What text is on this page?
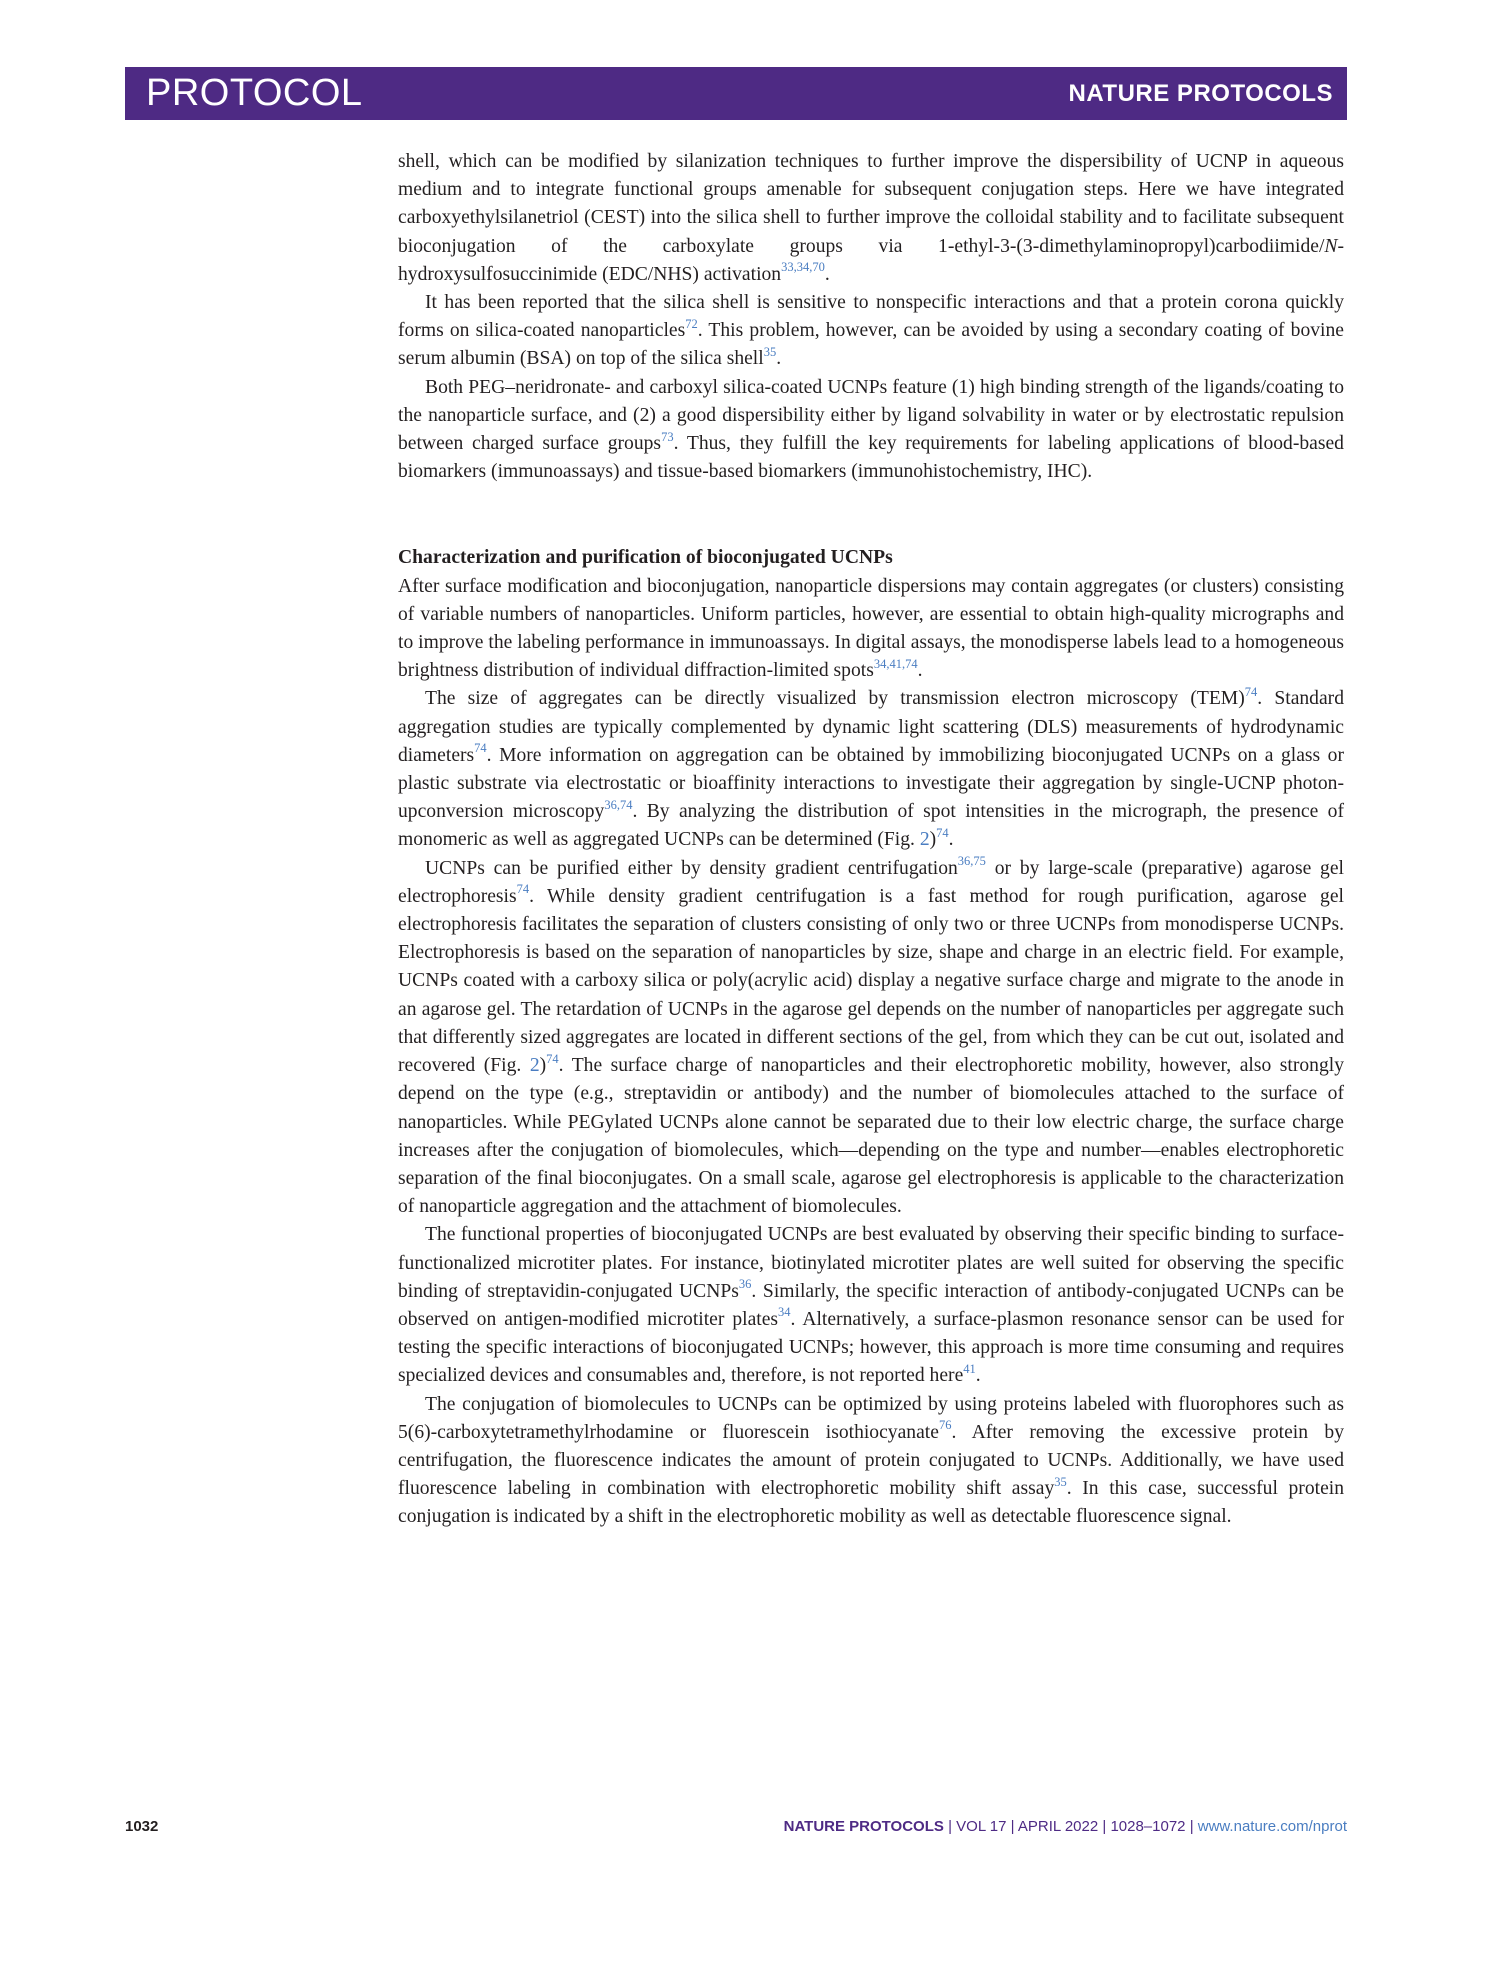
PROTOCOL	NATURE PROTOCOLS

shell, which can be modified by silanization techniques to further improve the dispersibility of UCNP in aqueous medium and to integrate functional groups amenable for subsequent conjugation steps. Here we have integrated carboxyethylsilanetriol (CEST) into the silica shell to further improve the colloidal stability and to facilitate subsequent bioconjugation of the carboxylate groups via 1-ethyl-3-(3-dimethylaminopropyl)carbodiimide/N-hydroxysulfosuccinimide (EDC/NHS) activation$^{33,34,70}$.

It has been reported that the silica shell is sensitive to nonspecific interactions and that a protein corona quickly forms on silica-coated nanoparticles$^{72}$. This problem, however, can be avoided by using a secondary coating of bovine serum albumin (BSA) on top of the silica shell$^{35}$.

Both PEG–neridronate- and carboxyl silica-coated UCNPs feature (1) high binding strength of the ligands/coating to the nanoparticle surface, and (2) a good dispersibility either by ligand solvability in water or by electrostatic repulsion between charged surface groups$^{73}$. Thus, they fulfill the key requirements for labeling applications of blood-based biomarkers (immunoassays) and tissue-based biomarkers (immunohistochemistry, IHC).

Characterization and purification of bioconjugated UCNPs

After surface modification and bioconjugation, nanoparticle dispersions may contain aggregates (or clusters) consisting of variable numbers of nanoparticles. Uniform particles, however, are essential to obtain high-quality micrographs and to improve the labeling performance in immunoassays. In digital assays, the monodisperse labels lead to a homogeneous brightness distribution of individual diffraction-limited spots$^{34,41,74}$.

The size of aggregates can be directly visualized by transmission electron microscopy (TEM)$^{74}$. Standard aggregation studies are typically complemented by dynamic light scattering (DLS) measurements of hydrodynamic diameters$^{74}$. More information on aggregation can be obtained by immobilizing bioconjugated UCNPs on a glass or plastic substrate via electrostatic or bioaffinity interactions to investigate their aggregation by single-UCNP photon-upconversion microscopy$^{36,74}$. By analyzing the distribution of spot intensities in the micrograph, the presence of monomeric as well as aggregated UCNPs can be determined (Fig. 2)$^{74}$.

UCNPs can be purified either by density gradient centrifugation$^{36,75}$ or by large-scale (preparative) agarose gel electrophoresis$^{74}$. While density gradient centrifugation is a fast method for rough purification, agarose gel electrophoresis facilitates the separation of clusters consisting of only two or three UCNPs from monodisperse UCNPs. Electrophoresis is based on the separation of nanoparticles by size, shape and charge in an electric field. For example, UCNPs coated with a carboxy silica or poly(acrylic acid) display a negative surface charge and migrate to the anode in an agarose gel. The retardation of UCNPs in the agarose gel depends on the number of nanoparticles per aggregate such that differently sized aggregates are located in different sections of the gel, from which they can be cut out, isolated and recovered (Fig. 2)$^{74}$. The surface charge of nanoparticles and their electrophoretic mobility, however, also strongly depend on the type (e.g., streptavidin or antibody) and the number of biomolecules attached to the surface of nanoparticles. While PEGylated UCNPs alone cannot be separated due to their low electric charge, the surface charge increases after the conjugation of biomolecules, which—depending on the type and number—enables electrophoretic separation of the final bioconjugates. On a small scale, agarose gel electrophoresis is applicable to the characterization of nanoparticle aggregation and the attachment of biomolecules.

The functional properties of bioconjugated UCNPs are best evaluated by observing their specific binding to surface-functionalized microtiter plates. For instance, biotinylated microtiter plates are well suited for observing the specific binding of streptavidin-conjugated UCNPs$^{36}$. Similarly, the specific interaction of antibody-conjugated UCNPs can be observed on antigen-modified microtiter plates$^{34}$. Alternatively, a surface-plasmon resonance sensor can be used for testing the specific interactions of bioconjugated UCNPs; however, this approach is more time consuming and requires specialized devices and consumables and, therefore, is not reported here$^{41}$.

The conjugation of biomolecules to UCNPs can be optimized by using proteins labeled with fluorophores such as 5(6)-carboxytetramethylrhodamine or fluorescein isothiocyanate$^{76}$. After removing the excessive protein by centrifugation, the fluorescence indicates the amount of protein conjugated to UCNPs. Additionally, we have used fluorescence labeling in combination with electrophoretic mobility shift assay$^{35}$. In this case, successful protein conjugation is indicated by a shift in the electrophoretic mobility as well as detectable fluorescence signal.

1032	NATURE PROTOCOLS | VOL 17 | APRIL 2022 | 1028–1072 | www.nature.com/nprot
